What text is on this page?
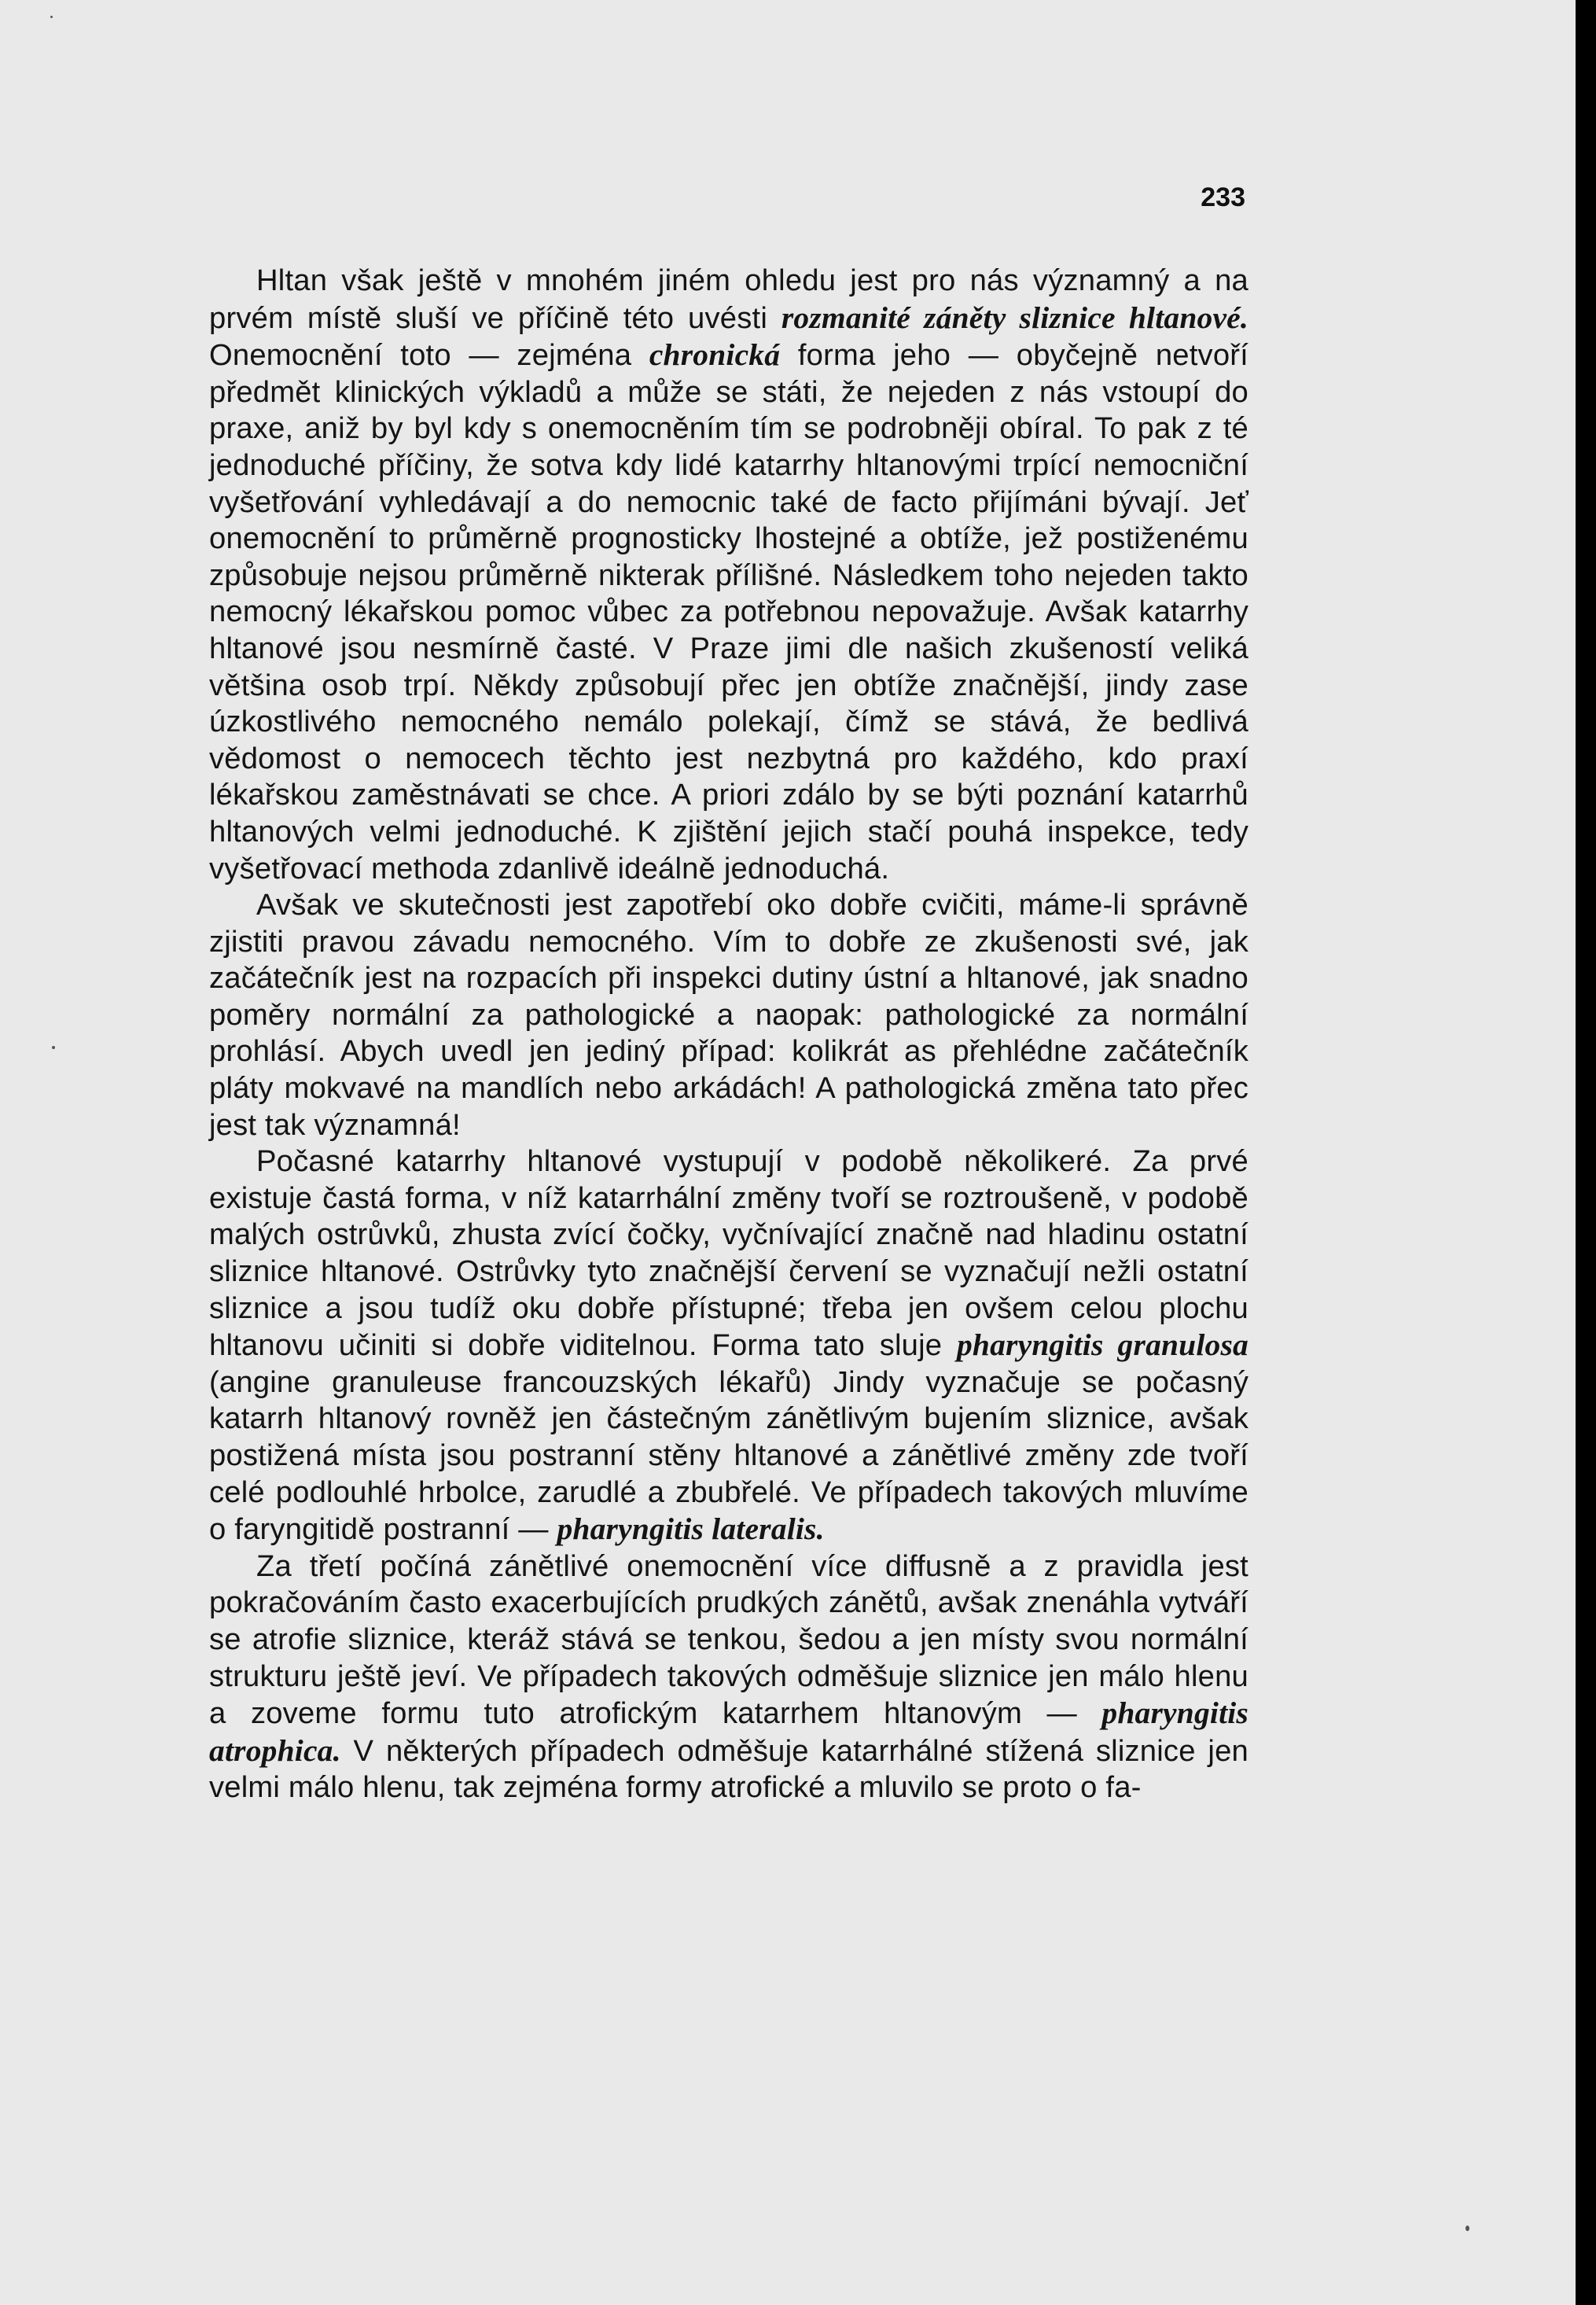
233

Hltan však ještě v mnohém jiném ohledu jest pro nás významný a na prvém místě sluší ve příčině této uvésti rozmanité záněty sliznice hltanové. Onemocnění toto — zejména chronická forma jeho — obyčejně netvoří předmět klinických výkladů a může se státi, že nejeden z nás vstoupí do praxe, aniž by byl kdy s onemocněním tím se podrobněji obíral. To pak z té jednoduché příčiny, že sotva kdy lidé katarrhy hltanovými trpící nemocniční vyšetřování vyhledávají a do nemocnic také de facto přijímáni bývají. Jeť onemocnění to průměrně prognosticky lhostejné a obtíže, jež postiženému způsobuje nejsou průměrně nikterak přílišné. Následkem toho nejeden takto nemocný lékařskou pomoc vůbec za potřebnou nepovažuje. Avšak katarrhy hltanové jsou nesmírně časté. V Praze jimi dle našich zkušeností veliká většina osob trpí. Někdy způsobují přec jen obtíže značnější, jindy zase úzkostlivého nemocného nemálo polekají, čímž se stává, že bedlivá vědomost o nemocech těchto jest nezbytná pro každého, kdo praxí lékařskou zaměstnávati se chce. A priori zdálo by se býti poznání katarrhů hltanových velmi jednoduché. K zjištění jejich stačí pouhá inspekce, tedy vyšetřovací methoda zdanlivě ideálně jednoduchá.

Avšak ve skutečnosti jest zapotřebí oko dobře cvičiti, máme-li správně zjistiti pravou závadu nemocného. Vím to dobře ze zkušenosti své, jak začátečník jest na rozpacích při inspekci dutiny ústní a hltanové, jak snadno poměry normální za pathologické a naopak: pathologické za normální prohlásí. Abych uvedl jen jediný případ: kolikrát as přehlédne začátečník pláty mokvavé na mandlích nebo arkádách! A pathologická změna tato přec jest tak významná!

Počasné katarrhy hltanové vystupují v podobě několikeré. Za prvé existuje častá forma, v níž katarrhální změny tvoří se roztroušeně, v podobě malých ostrůvků, zhusta zvící čočky, vyčnívající značně nad hladinu ostatní sliznice hltanové. Ostrůvky tyto značnější červení se vyznačují nežli ostatní sliznice a jsou tudíž oku dobře přístupné; třeba jen ovšem celou plochu hltanovu učiniti si dobře viditelnou. Forma tato sluje pharyngitis granulosa (angine granuleuse francouzských lékařů) Jindy vyznačuje se počasný katarrh hltanový rovněž jen částečným zánětlivým bujením sliznice, avšak postižená místa jsou postranní stěny hltanové a zánětlivé změny zde tvoří celé podlouhlé hrbolce, zarudlé a zbubřelé. Ve případech takových mluvíme o faryngitidě postranní — pharyngitis lateralis.

Za třetí počíná zánětlivé onemocnění více diffusně a z pravidla jest pokračováním často exacerbujících prudkých zánětů, avšak znenáhla vytváří se atrofie sliznice, kteráž stává se tenkou, šedou a jen místy svou normální strukturu ještě jeví. Ve případech takových odměšuje sliznice jen málo hlenu a zoveme formu tuto atrofickým katarrhem hltanovým — pharyngitis atrophica. V některých případech odměšuje katarrhálné stížená sliznice jen velmi málo hlenu, tak zejména formy atrofické a mluvilo se proto o fa-
